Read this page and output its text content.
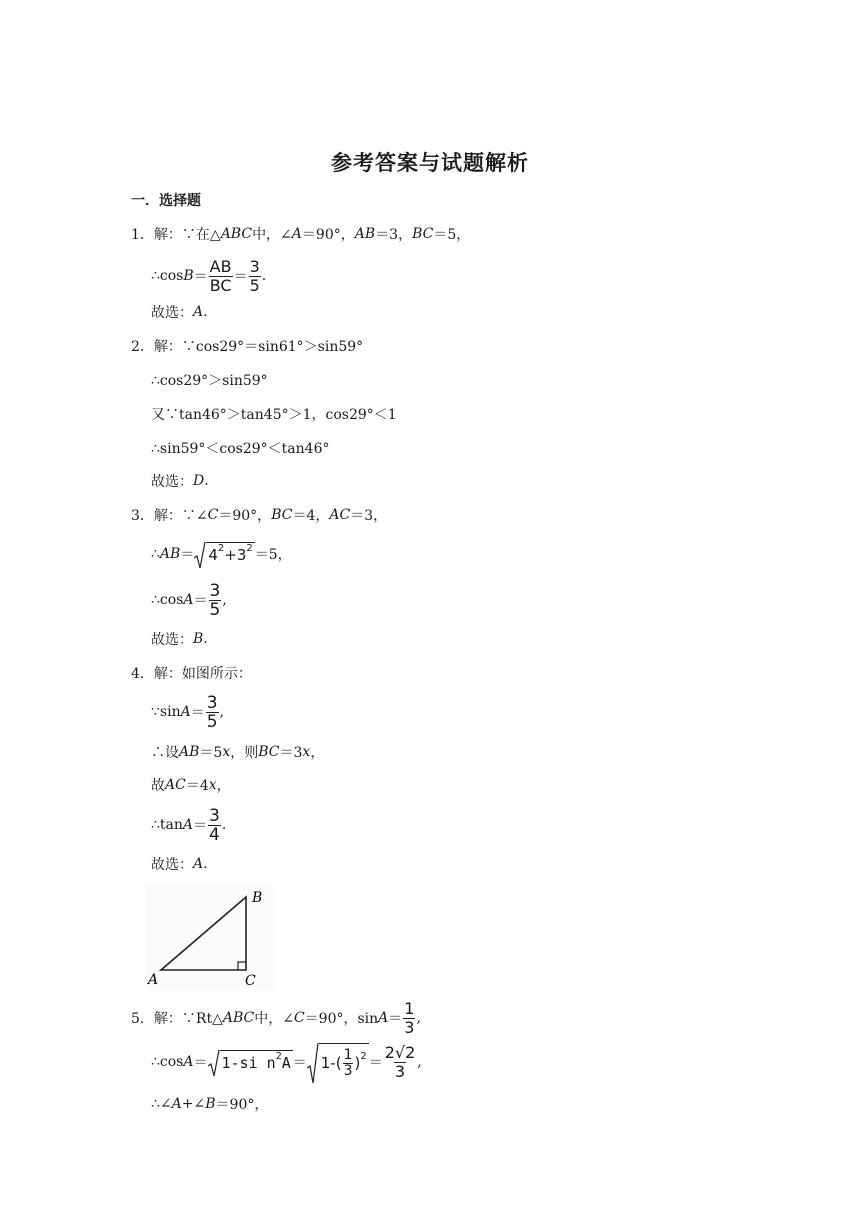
参考答案与试题解析
一．选择题
1．解：∵在△ ABC 中，∠ A ＝90°， AB ＝3， BC ＝5，
∴cos $B = \frac{AB}{BC} = \frac{3}{5}$ .
故选： A .
2．解：∵cos29°＝sin61°＞sin59°
∴cos29°＞sin59°
又∵tan46°＞tan45°＞1，cos29°＜1
∴sin59°＜cos29°＜tan46°
故选： D .
3．解：∵∠ C ＝90°， BC ＝4， AC ＝3，
∴ AB ＝ 4 2 + 3 2 ＝5，
∴cos $A = \frac{3}{5}$ ,
故选： B .
4．解：如图所示：
∵sin $A = \frac{3}{5}$ ,
∴设 AB ＝5 x ，则 BC ＝3 x ，
故 AC ＝4 x ，
∴tan $A = \frac{3}{4}$ .
故选： A .
B
A	C
5．解：∵Rt△ ABC 中，∠ C ＝90°，$\sin A = \frac{1}{3}$ ,
∴cos A ＝ 1-si n 2 $A = 1-( \frac{1}{3}$ ) $2 = \frac{2√2}{3}$ ,
∴∠ A +∠ B ＝90°，
